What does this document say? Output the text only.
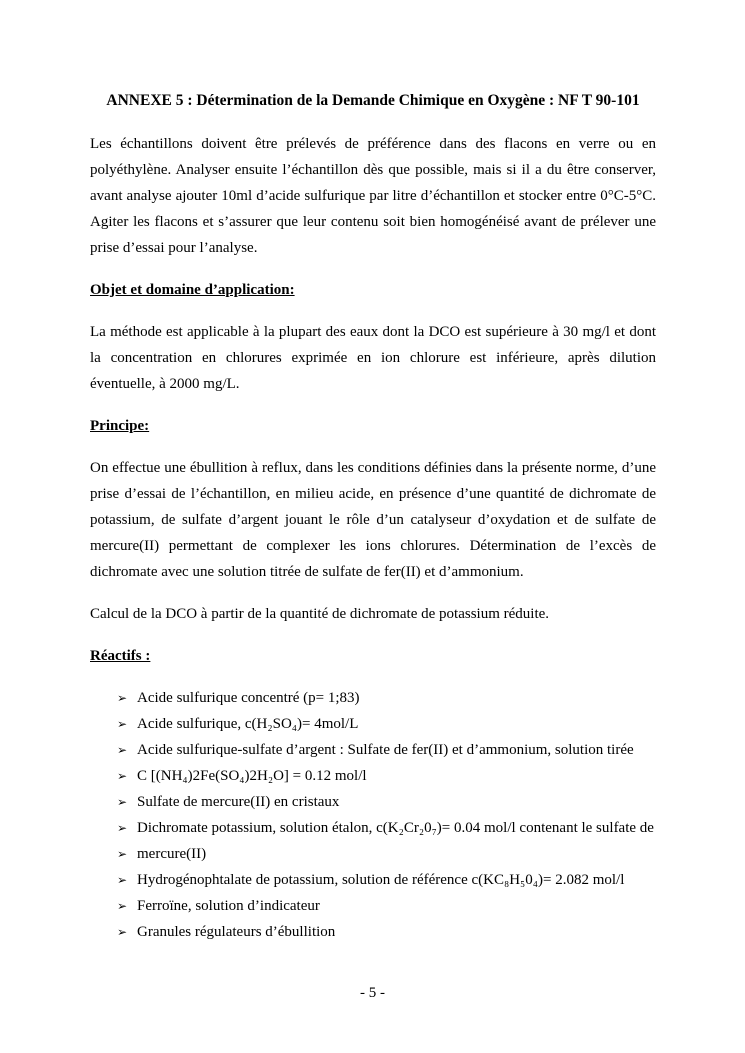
ANNEXE 5 : Détermination de la Demande Chimique en Oxygène : NF T 90-101

Les échantillons doivent être prélevés de préférence dans des flacons en verre ou en polyéthylène. Analyser ensuite l’échantillon dès que possible, mais si il a du être conserver, avant analyse ajouter 10ml d’acide sulfurique par litre d’échantillon et stocker entre 0°C-5°C. Agiter les flacons et s’assurer que leur contenu soit bien homogénéisé avant de prélever une prise d’essai pour l’analyse.

Objet et domaine d’application:

La méthode est applicable à la plupart des eaux dont la DCO est supérieure à 30 mg/l et dont la concentration en chlorures exprimée en ion chlorure est inférieure, après dilution éventuelle, à 2000 mg/L.

Principe:

On effectue une ébullition à reflux, dans les conditions définies dans la présente norme, d’une prise d’essai de l’échantillon, en milieu acide, en présence d’une quantité de dichromate de potassium, de sulfate d’argent jouant le rôle d’un catalyseur d’oxydation et de sulfate de mercure(II) permettant de complexer les ions chlorures. Détermination de l’excès de dichromate avec une solution titrée de sulfate de fer(II) et d’ammonium.

Calcul de la DCO à partir de la quantité de dichromate de potassium réduite.

Réactifs :
➢ Acide sulfurique concentré (p= 1;83)
➢ Acide sulfurique, c(H₂SO₄)= 4mol/L
➢ Acide sulfurique-sulfate d’argent : Sulfate de fer(II) et d’ammonium, solution tirée
➢ C [(NH₄)2Fe(SO₄)2H₂O] = 0.12 mol/l
➢ Sulfate de mercure(II) en cristaux
➢ Dichromate potassium, solution étalon, c(K₂Cr₂0₇)= 0.04 mol/l contenant le sulfate de
➢ mercure(II)
➢ Hydrogénophtalate de potassium, solution de référence c(KC₈H₅0₄)= 2.082 mol/l
➢ Ferroïne, solution d’indicateur
➢ Granules régulateurs d’ébullition
- 5 -
